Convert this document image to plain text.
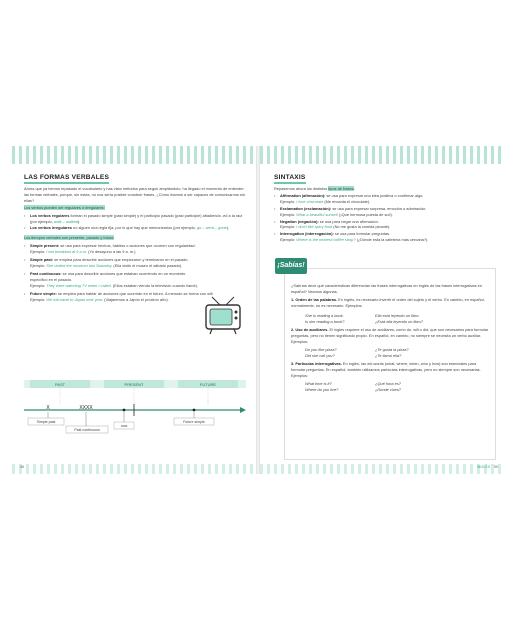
LAS FORMAS VERBALES
Ahora que ya hemos repasado el vocabulario y has visto métodos para seguir ampliándolo, ha llegado el momento de entender las formas verbales, porque, sin estas, no nos sería posible construir frases. ¿Cómo íbamos a ser capaces de comunicarnos sin ellas?
Los verbos pueden ser regulares o irregulares:
• Los verbos regulares forman el pasado simple (past simple) y el participio pasado (past participle) añadiendo -ed a la raíz (por ejemplo, walk – walked).
• Los verbos irregulares no siguen una regla fija, por lo que hay que memorizarlos (por ejemplo, go – went – gone).
Los tiempos verbales son presente, pasado y futuro:
• Simple present: se usa para expresar hechos, hábitos o acciones que ocurren con regularidad.
Ejemplo: I eat breakfast at 9 a.m. (Yo desayuno a las 9 a. m.).
• Simple past: se emplea para describir acciones que empezaron y terminaron en el pasado.
Ejemplo: She visited the museum last Saturday. (Ella visitó el museo el sábado pasado).
• Past continuous: se usa para describir acciones que estaban ocurriendo en un momento específico en el pasado.
Ejemplo: They were watching TV when I called. (Ellos estaban viendo la televisión cuando llamé).
• Future simple: se emplea para hablar de acciones que ocurrirán en el futuro. A menudo se forma con will.
Ejemplo: We will travel to Japan next year. (Viajaremos a Japón el próximo año).
PAST	PRESENT	FUTURE
X	XXXX
Simple past
Past continuous
now
Future simple
58
SINTAXIS
Repasemos ahora los distintos tipos de frases:
• Affirmation (afirmación): se usa para expresar una idea positiva o confirmar algo.
Ejemplo: I love chocolate (Me encanta el chocolate).
• Exclamation (exclamación): se usa para expresar sorpresa, emoción o admiración.
Ejemplo: What a beautiful sunset! (¡Qué hermosa puesta de sol!).
• Negation (negación): se usa para negar una afirmación.
Ejemplo: I don't like spicy food (No me gusta la comida picante).
• Interrogation (interrogación): se usa para formular preguntas.
Ejemplo: Where is the nearest coffee shop? (¿Dónde está la cafetería más cercana?).
¿Sabrías decir qué características diferencian las frases interrogativas en inglés de las frases interrogativas en español? Veamos algunas.
1. Orden de las palabras. En inglés, es necesario invertir el orden del sujeto y el verbo. En cambio, en español, normalmente, no es necesario. Ejemplos:
She is reading a book.	Ella está leyendo un libro.
Is she reading a book?	¿Está ella leyendo un libro?
2. Uso de auxiliares. El inglés requiere el uso de auxiliares, como do, will o did, que son necesarios para formular preguntas, pero no tienen significado propio. En español, en cambio, no siempre se necesita un verbo auxiliar. Ejemplos:
Do you like pizza?	¿Te gusta la pizza?
Did she call you?	¿Te llamó ella?
3. Partículas interrogativas. En inglés, las wh-words (what, where, when, who y how) son esenciales para formular preguntas. En español, también utilizamos partículas interrogativas, pero no siempre son necesarias. Ejemplos:
What time is it?	¿Qué hora es?
Where do you live?	¿Dónde vives?
¡Sabías!
INGLÉS 59
